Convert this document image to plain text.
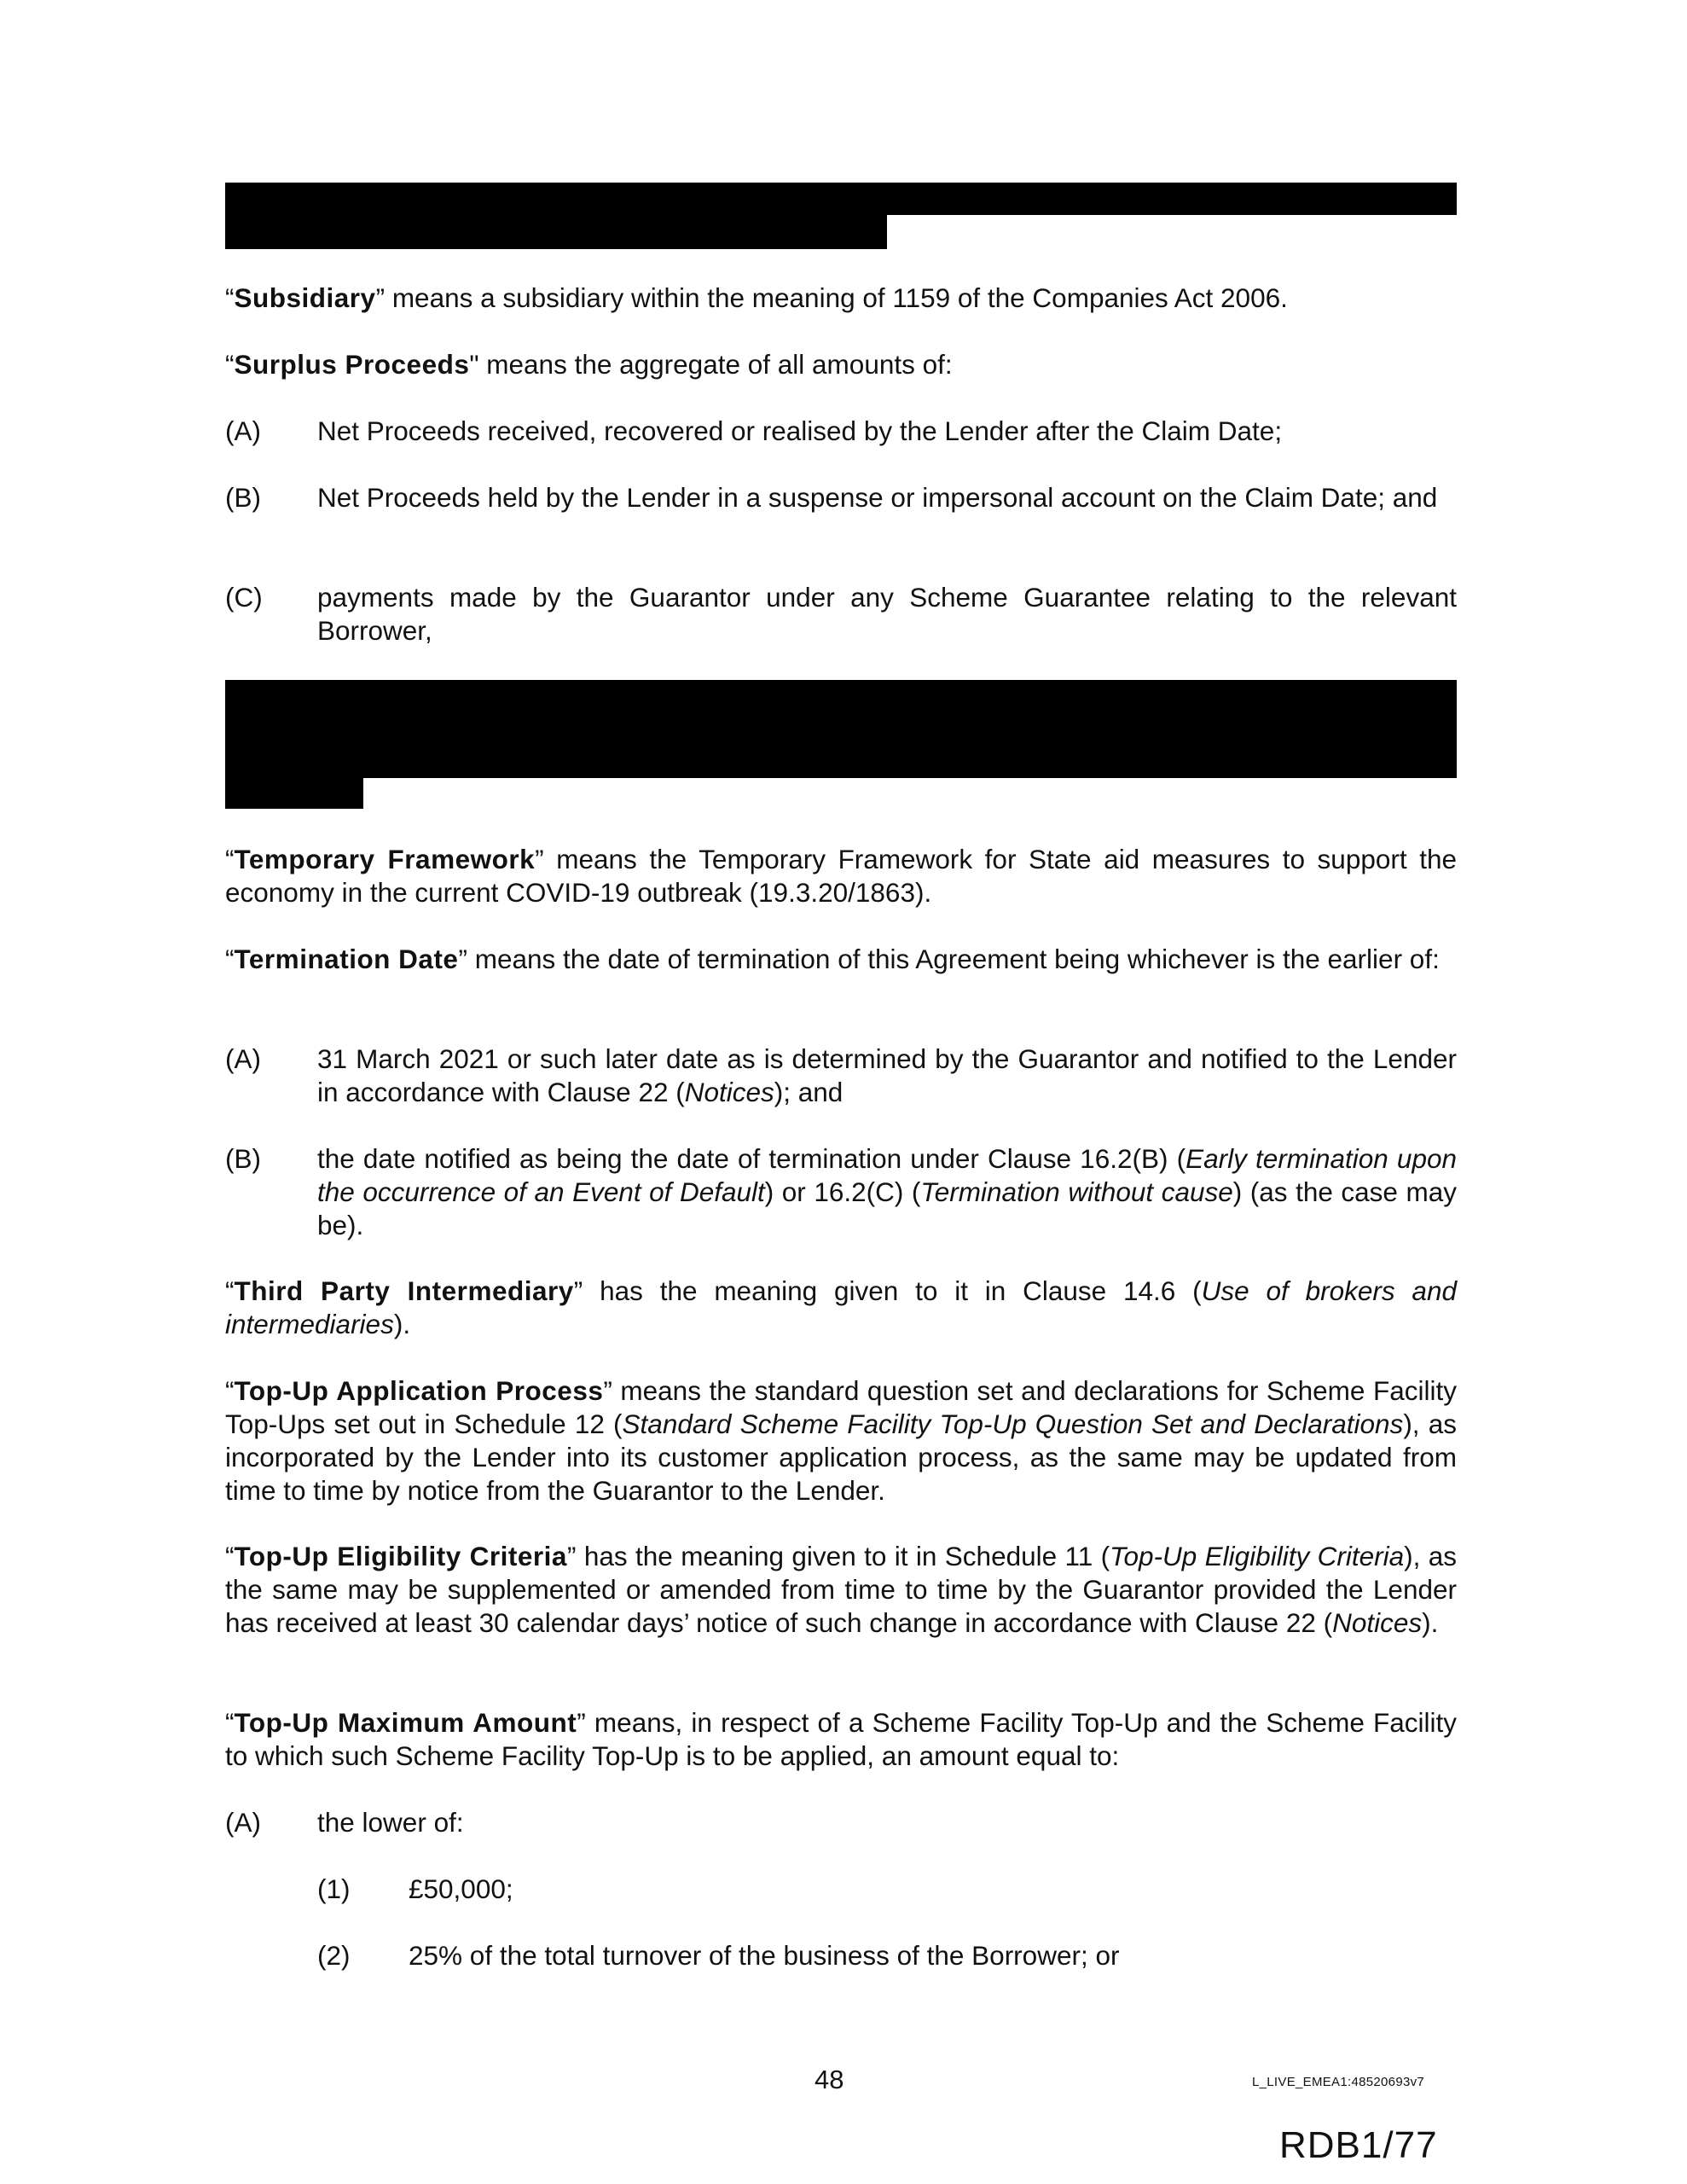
“Subsidiary” means a subsidiary within the meaning of 1159 of the Companies Act 2006.
“Surplus Proceeds" means the aggregate of all amounts of:
(A) Net Proceeds received, recovered or realised by the Lender after the Claim Date;
(B) Net Proceeds held by the Lender in a suspense or impersonal account on the Claim Date; and
(C) payments made by the Guarantor under any Scheme Guarantee relating to the relevant Borrower,
“Temporary Framework” means the Temporary Framework for State aid measures to support the economy in the current COVID-19 outbreak (19.3.20/1863).
“Termination Date” means the date of termination of this Agreement being whichever is the earlier of:
(A) 31 March 2021 or such later date as is determined by the Guarantor and notified to the Lender in accordance with Clause 22 (Notices); and
(B) the date notified as being the date of termination under Clause 16.2(B) (Early termination upon the occurrence of an Event of Default) or 16.2(C) (Termination without cause) (as the case may be).
“Third Party Intermediary” has the meaning given to it in Clause 14.6 (Use of brokers and intermediaries).
“Top-Up Application Process” means the standard question set and declarations for Scheme Facility Top-Ups set out in Schedule 12 (Standard Scheme Facility Top-Up Question Set and Declarations), as incorporated by the Lender into its customer application process, as the same may be updated from time to time by notice from the Guarantor to the Lender.
“Top-Up Eligibility Criteria” has the meaning given to it in Schedule 11 (Top-Up Eligibility Criteria), as the same may be supplemented or amended from time to time by the Guarantor provided the Lender has received at least 30 calendar days’ notice of such change in accordance with Clause 22 (Notices).
“Top-Up Maximum Amount” means, in respect of a Scheme Facility Top-Up and the Scheme Facility to which such Scheme Facility Top-Up is to be applied, an amount equal to:
(A) the lower of:
(1) £50,000;
(2) 25% of the total turnover of the business of the Borrower; or
48	L_LIVE_EMEA1:48520693v7
RDB1/77
